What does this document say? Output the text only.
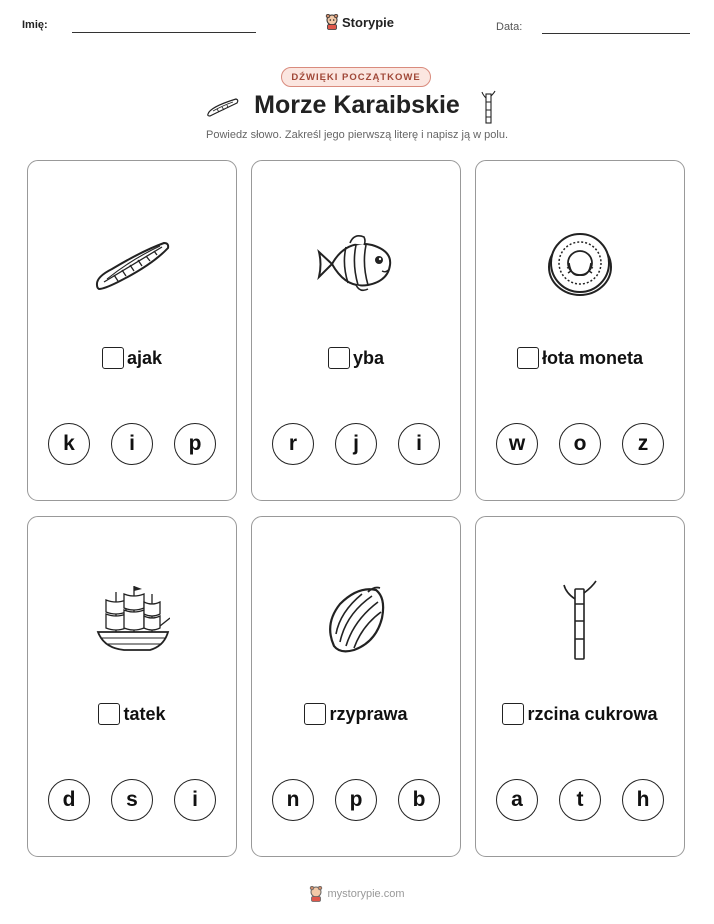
Imię:	Storypie	Data:
DŹWIĘKI POCZĄTKOWE
Morze Karaibskie
Powiedz słowo. Zakreśl jego pierwszą literę i napisz ją w polu.
ajak
k	i	p
yba
r	j	i
łota moneta
w	o	z
tatek
d	s	i
rzyprawa
n	p	b
rzcina cukrowa
a	t	h
mystorypie.com
